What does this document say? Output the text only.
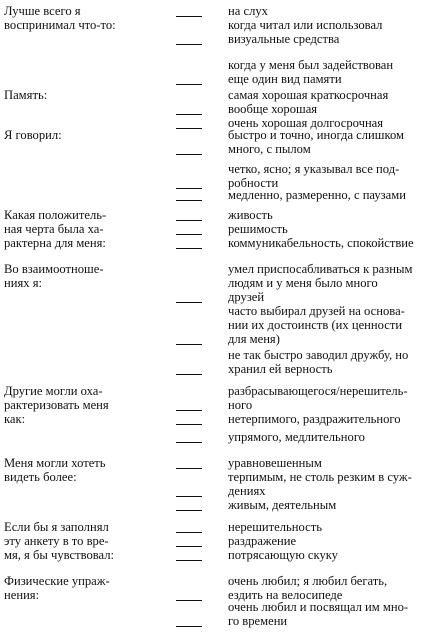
Лучше всего я
воспринимал что-то:
на слух
когда читал или использовал
визуальные средства
когда у меня был задействован
еще один вид памяти
Память:	самая хорошая краткосрочная
вообще хорошая
очень хорошая долгосрочная
Я говорил:	быстро и точно, иногда слишком
много, с пылом
четко, ясно; я указывал все под-
робности
медленно, размеренно, с паузами
Какая положитель-
ная черта была ха-
рактерна для меня:
живость
решимость
коммуникабельность, спокойствие
Во взаимоотноше-
ниях я:
умел приспосабливаться к разным
людям и у меня было много
друзей
часто выбирал друзей на основа-
нии их достоинств (их ценности
для меня)
не так быстро заводил дружбу, но
хранил ей верность
Другие могли оха-
рактеризовать меня
как:
разбрасывающегося/нерешитель-
ного
нетерпимого, раздражительного
упрямого, медлительного
Меня могли хотеть
видеть более:
уравновешенным
терпимым, не столь резким в суж-
дениях
живым, деятельным
Если бы я заполнял
эту анкету в то вре-
мя, я бы чувствовал:
нерешительность
раздражение
потрясающую скуку
Физические упраж-
нения:
очень любил; я любил бегать,
ездить на велосипеде
очень любил и посвящал им мно-
го времени
